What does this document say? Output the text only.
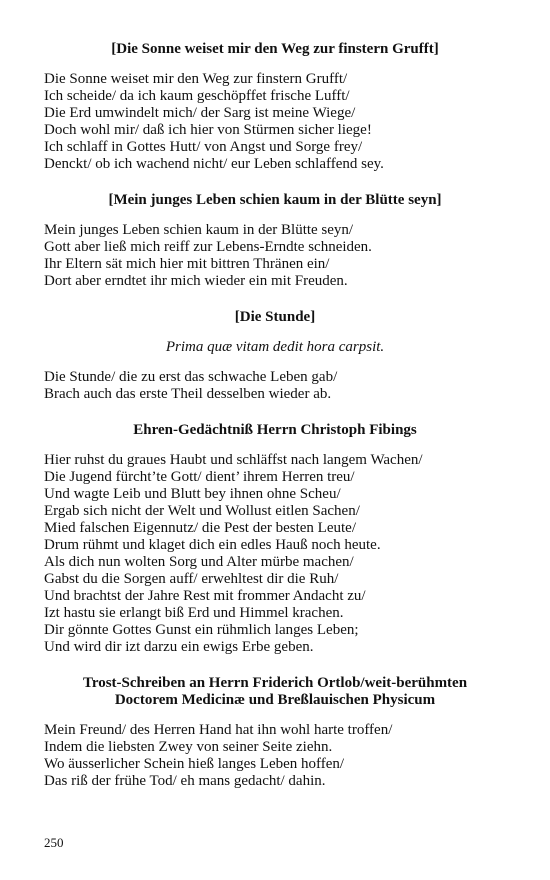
[Die Sonne weiset mir den Weg zur finstern Grufft]
Die Sonne weiset mir den Weg zur finstern Grufft/
Ich scheide/ da ich kaum geschöpffet frische Lufft/
Die Erd umwindelt mich/ der Sarg ist meine Wiege/
Doch wohl mir/ daß ich hier von Stürmen sicher liege!
Ich schlaff in Gottes Hutt/ von Angst und Sorge frey/
Denckt/ ob ich wachend nicht/ eur Leben schlaffend sey.
[Mein junges Leben schien kaum in der Blütte seyn]
Mein junges Leben schien kaum in der Blütte seyn/
Gott aber ließ mich reiff zur Lebens-Erndte schneiden.
Ihr Eltern sät mich hier mit bittren Thränen ein/
Dort aber erndtet ihr mich wieder ein mit Freuden.
[Die Stunde]
Prima quæ vitam dedit hora carpsit.
Die Stunde/ die zu erst das schwache Leben gab/
Brach auch das erste Theil desselben wieder ab.
Ehren-Gedächtniß Herrn Christoph Fibings
Hier ruhst du graues Haubt und schläffst nach langem Wachen/
Die Jugend fürcht’te Gott/ dient’ ihrem Herren treu/
Und wagte Leib und Blutt bey ihnen ohne Scheu/
Ergab sich nicht der Welt und Wollust eitlen Sachen/
Mied falschen Eigennutz/ die Pest der besten Leute/
Drum rühmt und klaget dich ein edles Hauß noch heute.
Als dich nun wolten Sorg und Alter mürbe machen/
Gabst du die Sorgen auff/ erwehltest dir die Ruh/
Und brachtst der Jahre Rest mit frommer Andacht zu/
Izt hastu sie erlangt biß Erd und Himmel krachen.
Dir gönnte Gottes Gunst ein rühmlich langes Leben;
Und wird dir izt darzu ein ewigs Erbe geben.
Trost-Schreiben an Herrn Friderich Ortlob/weit-berühmten
Doctorem Medicinæ und Breßlauischen Physicum
Mein Freund/ des Herren Hand hat ihn wohl harte troffen/
Indem die liebsten Zwey von seiner Seite ziehn.
Wo äusserlicher Schein hieß langes Leben hoffen/
Das riß der frühe Tod/ eh mans gedacht/ dahin.
250
